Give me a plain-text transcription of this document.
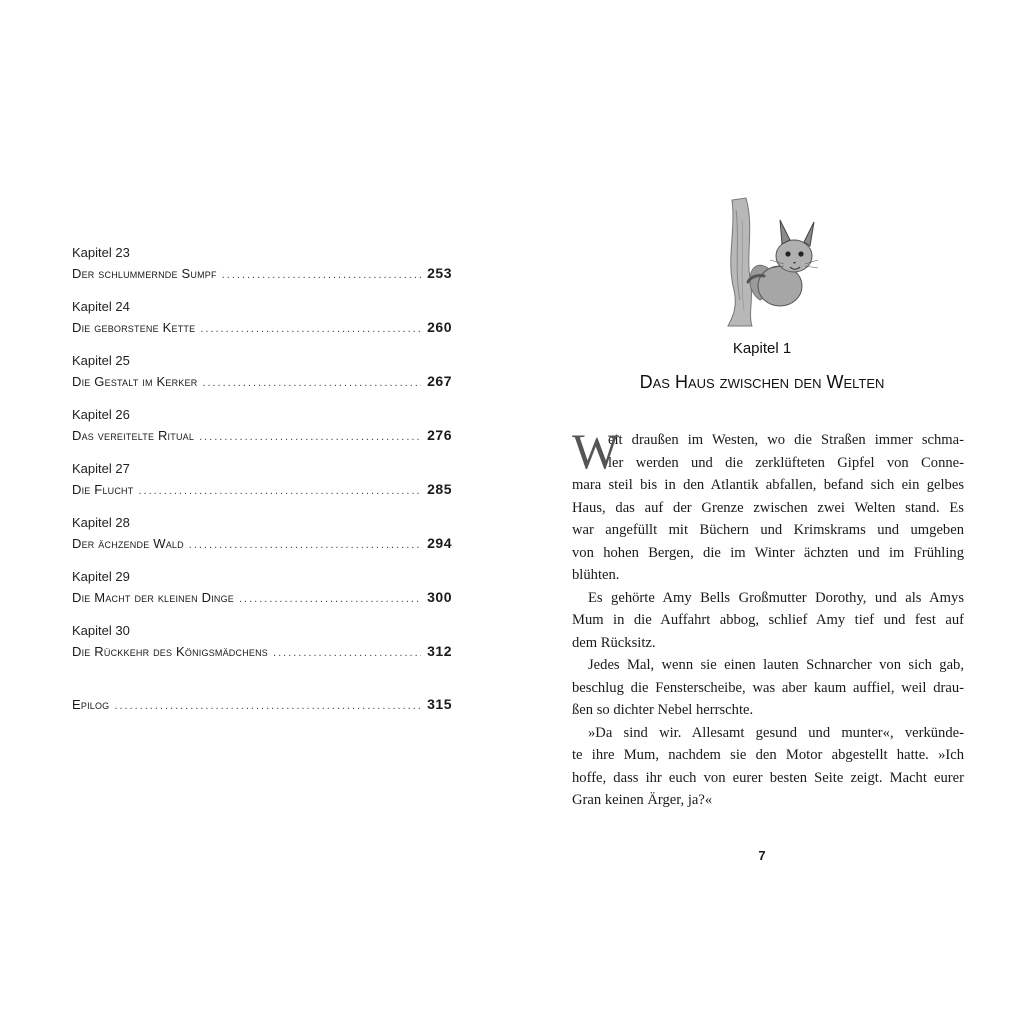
Kapitel 23
Der schlummernde Sumpf .....	253
Kapitel 24
Die geborstene Kette .....	260
Kapitel 25
Die Gestalt im Kerker .....	267
Kapitel 26
Das vereitelte Ritual .....	276
Kapitel 27
Die Flucht .....	285
Kapitel 28
Der ächzende Wald .....	294
Kapitel 29
Die Macht der kleinen Dinge .....	300
Kapitel 30
Die Rückkehr des Königsmädchens .....	312
Epilog .....	315
Kapitel 1
Das Haus zwischen den Welten
W
eit draußen im Westen, wo die Straßen immer schma-
ler werden und die zerklüfteten Gipfel von Conne-
mara steil bis in den Atlantik abfallen, befand sich ein gelbes
Haus, das auf der Grenze zwischen zwei Welten stand. Es
war angefüllt mit Büchern und Krimskrams und umgeben
von hohen Bergen, die im Winter ächzten und im Frühling
blühten.
Es gehörte Amy Bells Großmutter Dorothy, und als Amys
Mum in die Auffahrt abbog, schlief Amy tief und fest auf
dem Rücksitz.
Jedes Mal, wenn sie einen lauten Schnarcher von sich gab,
beschlug die Fensterscheibe, was aber kaum auffiel, weil drau-
ßen so dichter Nebel herrschte.
»Da sind wir. Allesamt gesund und munter«, verkünde-
te ihre Mum, nachdem sie den Motor abgestellt hatte. »Ich
hoffe, dass ihr euch von eurer besten Seite zeigt. Macht eurer
Gran keinen Ärger, ja?«
7
